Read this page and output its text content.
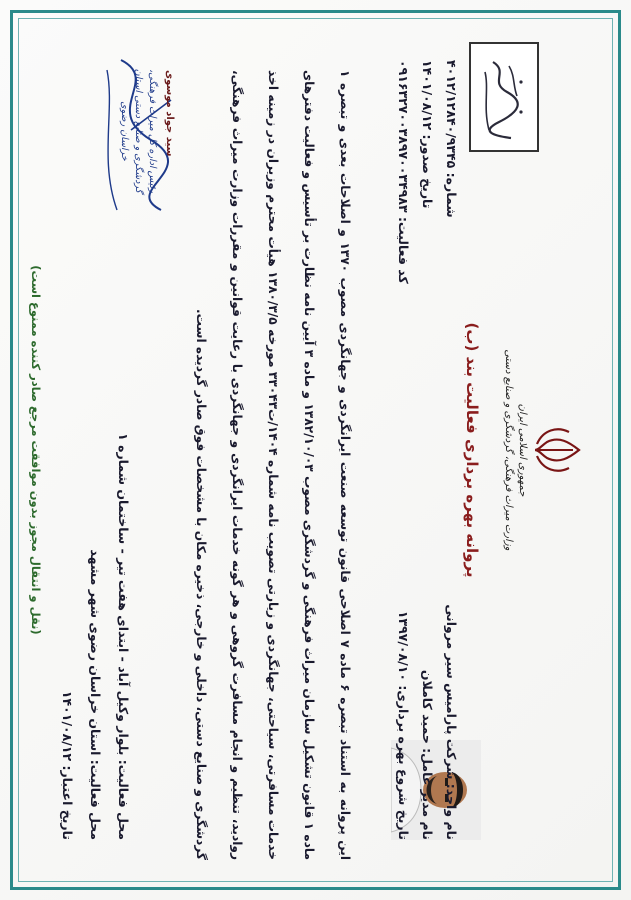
جمهوری اسلامی ایران
وزارت میراث فرهنگی، گردشگری و صنایع دستی
پروانه بهره برداری فعالیت بند (ب)
نام واحد: شرکت پارامیس سیر مروانی
نام مدیر عامل: حمید کاملان
تاریخ شروع بهره برداری: ۱۳۹۷/۰۸/۱۰
شماره: ۴۰۱۲/۱۲۸۴۰/۹۳۴۵
تاریخ صدور: ۱۴۰۱/۰۸/۱۲
کد فعالیت: ۰۹۱۶۳۲۷۰۰۳۸۹۷۰۰۳۴۹۸۳
این پروانه به استناد تبصره ۶ ماده ۷ اصلاحی قانون توسعه صنعت ایرانگردی و جهانگردی مصوب ۱۳۷۰ و اصلاحات بعدی و تبصره ۱ ماده ۱ قانون تشکیل سازمان میراث فرهنگی و گردشگری مصوب ۱۳۸۲/۱۰/۰۳ و ماده ۳ آیین نامه نظارت بر تأسیس و فعالیت دفترهای خدمات مسافرتی، سیاحتی، جهانگردی و زیارتی تصویب نامه شماره ۱۴۰۴/ت۳۳۰۴۳ مورخه ۱۳۸۰/۳/۵ هیأت محترم وزیران در زمینه اخذ روادید، تنظیم و انجام مسافرت گروهی و هر گونه خدمات ایرانگردی و جهانگردی با رعایت قوانین و مقررات وزارت میراث فرهنگی، گردشگری و صنایع دستی، داخلی و خارجی، ذخیره مکان با مشخصات فوق صادر گردیده است.
محل فعالیت: بلوار وکیل آباد - ابتدای هفت تیر - ساختمان شماره ۱
محل فعالیت: استان خراسان رضوی شهر مشهد
تاریخ اعتبار: ۱۴۰۱/۰۸/۱۲
سید جواد موسوی
رئیس اداره کل میراث فرهنگی، گردشگری و صنایع دستی استان خراسان رضوی
(نقل و انتقال مجوز بدون موافقت مرجع صادر کننده ممنوع است)
